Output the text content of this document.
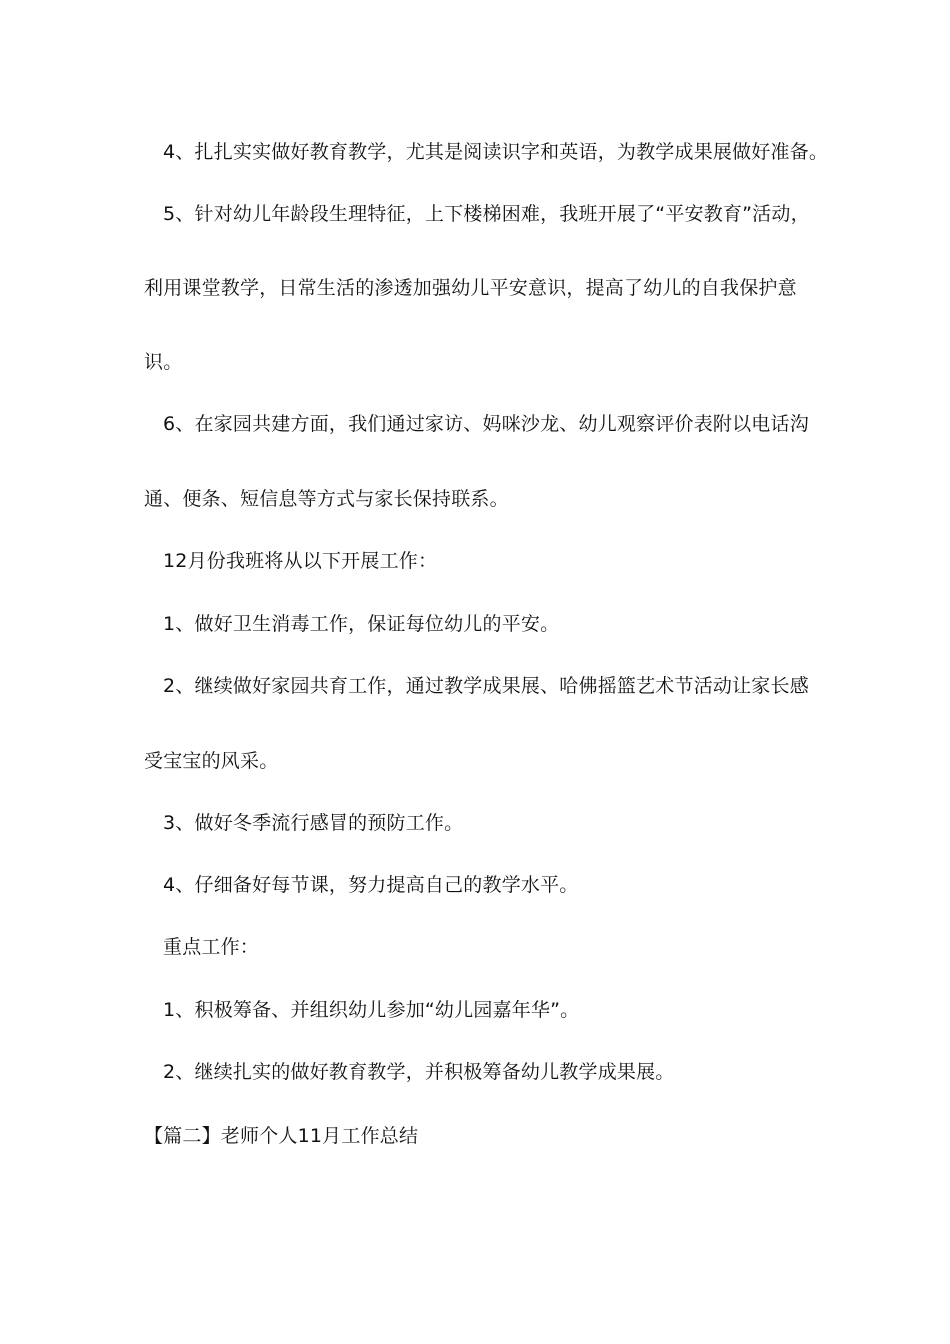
4、扎扎实实做好教育教学，尤其是阅读识字和英语，为教学成果展做好准备。
5、针对幼儿年龄段生理特征，上下楼梯困难，我班开展了“平安教育”活动，
利用课堂教学，日常生活的渗透加强幼儿平安意识，提高了幼儿的自我保护意
识。
6、在家园共建方面，我们通过家访、妈咪沙龙、幼儿观察评价表附以电话沟
通、便条、短信息等方式与家长保持联系。
12月份我班将从以下开展工作：
1、做好卫生消毒工作，保证每位幼儿的平安。
2、继续做好家园共育工作，通过教学成果展、哈佛摇篮艺术节活动让家长感
受宝宝的风采。
3、做好冬季流行感冒的预防工作。
4、仔细备好每节课，努力提高自己的教学水平。
重点工作：
1、积极筹备、并组织幼儿参加“幼儿园嘉年华”。
2、继续扎实的做好教育教学，并积极筹备幼儿教学成果展。
【篇二】老师个人11月工作总结
